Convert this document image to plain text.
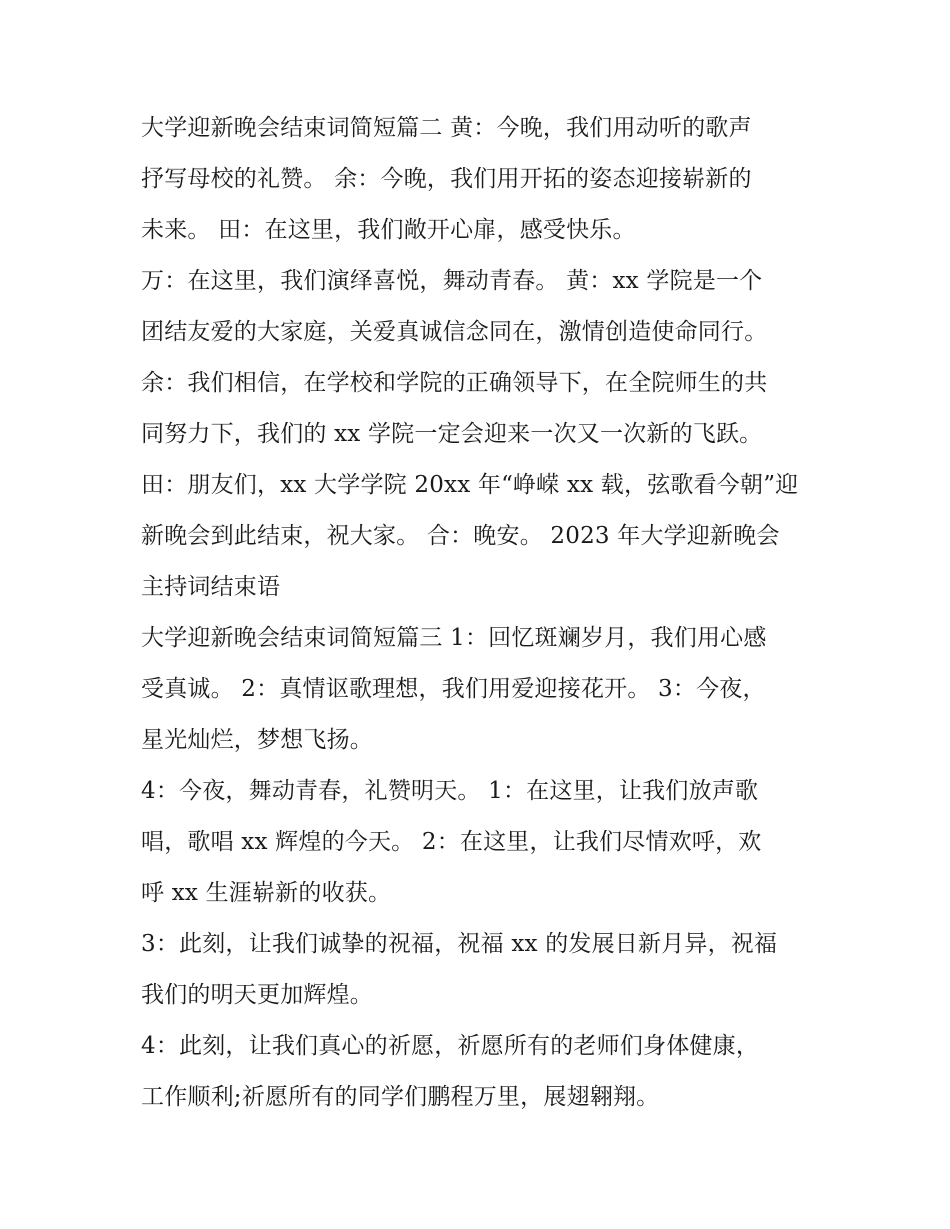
大学迎新晚会结束词简短篇二 黄：今晚，我们用动听的歌声
抒写母校的礼赞。 余：今晚，我们用开拓的姿态迎接崭新的
未来。 田：在这里，我们敞开心扉，感受快乐。
万：在这里，我们演绎喜悦，舞动青春。 黄：xx 学院是一个
团结友爱的大家庭，关爱真诚信念同在，激情创造使命同行。
余：我们相信，在学校和学院的正确领导下，在全院师生的共
同努力下，我们的 xx 学院一定会迎来一次又一次新的飞跃。
田：朋友们，xx 大学学院 20xx 年“峥嵘 xx 载，弦歌看今朝”迎
新晚会到此结束，祝大家。 合：晚安。 2023 年大学迎新晚会
主持词结束语
大学迎新晚会结束词简短篇三 1：回忆斑斓岁月，我们用心感
受真诚。 2：真情讴歌理想，我们用爱迎接花开。 3：今夜，
星光灿烂，梦想飞扬。
4：今夜，舞动青春，礼赞明天。 1：在这里，让我们放声歌
唱，歌唱 xx 辉煌的今天。 2：在这里，让我们尽情欢呼，欢
呼 xx 生涯崭新的收获。
3：此刻，让我们诚挚的祝福，祝福 xx 的发展日新月异，祝福
我们的明天更加辉煌。
4：此刻，让我们真心的祈愿，祈愿所有的老师们身体健康，
工作顺利;祈愿所有的同学们鹏程万里，展翅翱翔。
